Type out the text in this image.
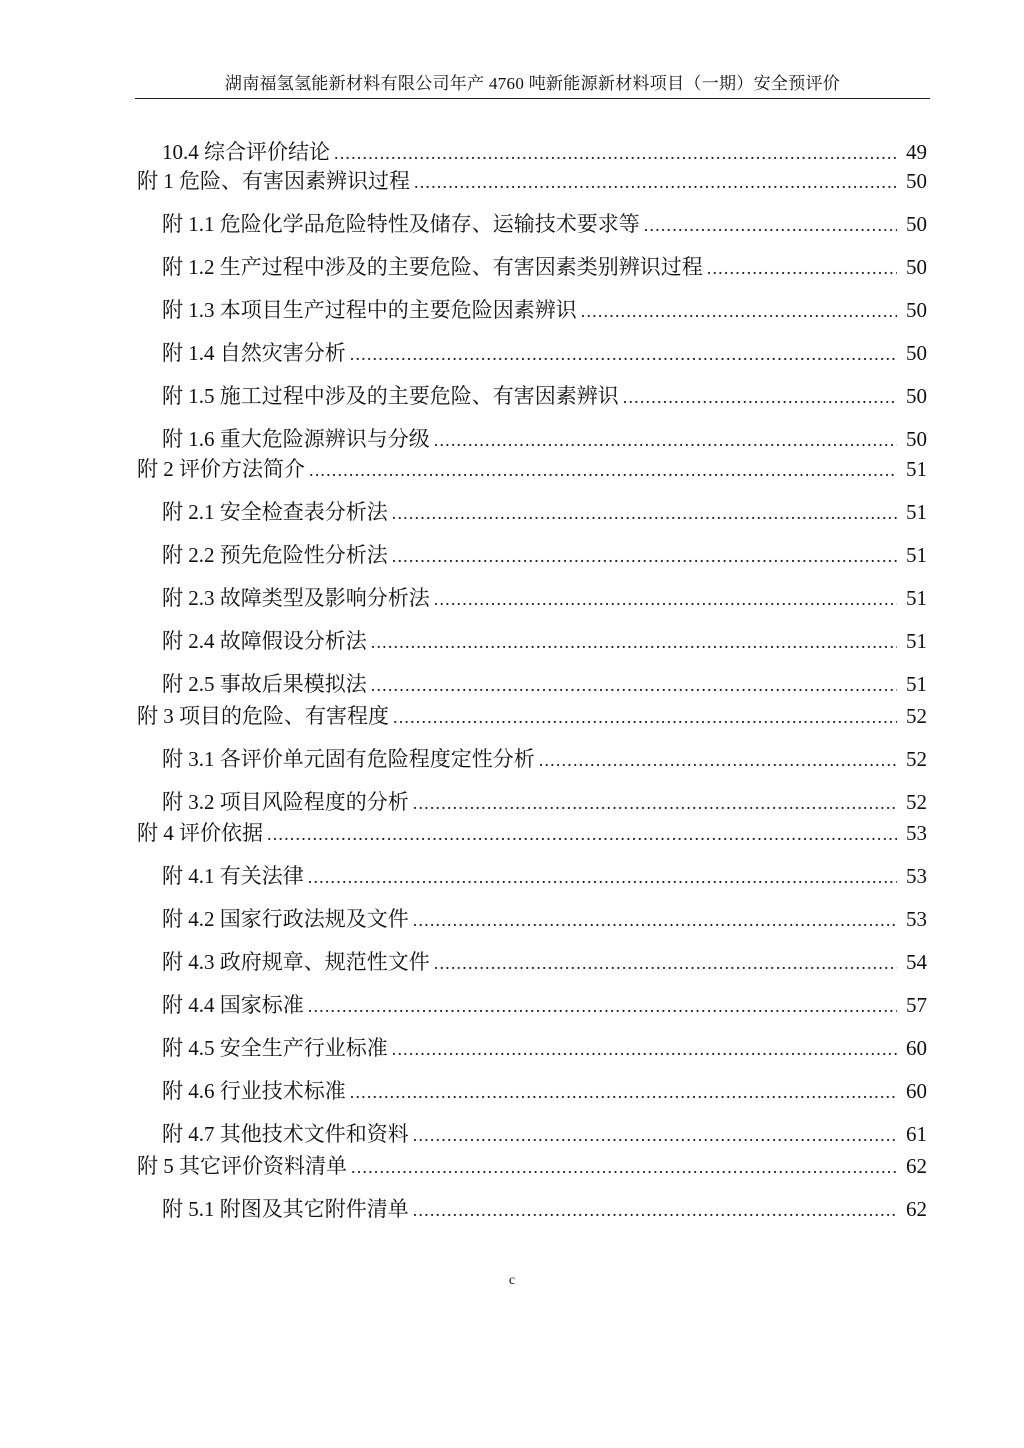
湖南福氢氢能新材料有限公司年产 4760 吨新能源新材料项目（一期）安全预评价
10.4 综合评价结论 .....	49
附 1 危险、有害因素辨识过程 .....	50
附 1.1 危险化学品危险特性及储存、运输技术要求等 .....	50
附 1.2 生产过程中涉及的主要危险、有害因素类别辨识过程 .....	50
附 1.3 本项目生产过程中的主要危险因素辨识 .....	50
附 1.4 自然灾害分析 .....	50
附 1.5 施工过程中涉及的主要危险、有害因素辨识 .....	50
附 1.6 重大危险源辨识与分级 .....	50
附 2 评价方法简介 .....	51
附 2.1 安全检查表分析法 .....	51
附 2.2 预先危险性分析法 .....	51
附 2.3 故障类型及影响分析法 .....	51
附 2.4 故障假设分析法 .....	51
附 2.5 事故后果模拟法 .....	51
附 3 项目的危险、有害程度 .....	52
附 3.1 各评价单元固有危险程度定性分析 .....	52
附 3.2 项目风险程度的分析 .....	52
附 4 评价依据 .....	53
附 4.1 有关法律 .....	53
附 4.2 国家行政法规及文件 .....	53
附 4.3 政府规章、规范性文件 .....	54
附 4.4 国家标准 .....	57
附 4.5 安全生产行业标准 .....	60
附 4.6 行业技术标准 .....	60
附 4.7 其他技术文件和资料 .....	61
附 5 其它评价资料清单 .....	62
附 5.1 附图及其它附件清单 .....	62
c
